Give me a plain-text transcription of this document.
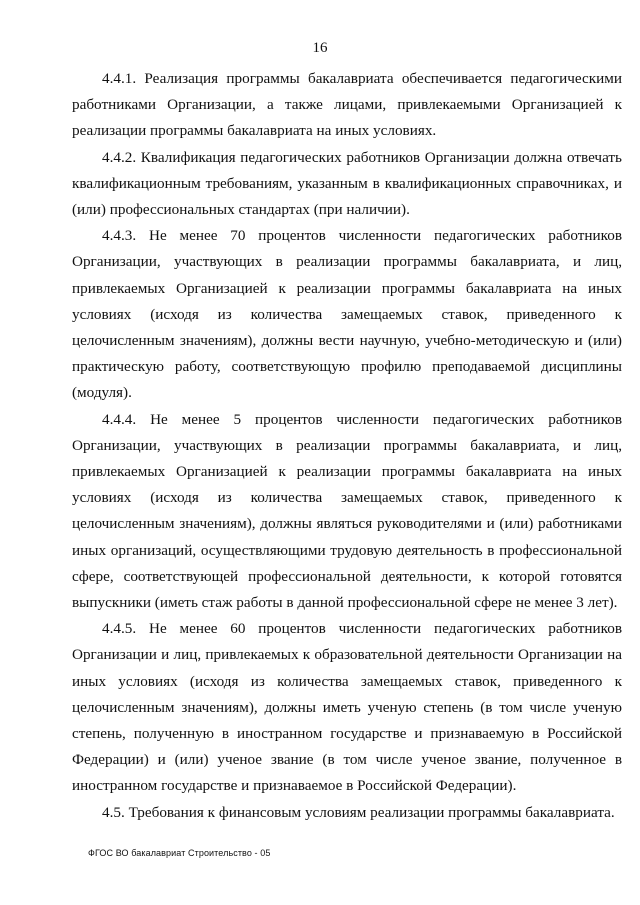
16

4.4.1. Реализация программы бакалавриата обеспечивается педагогическими работниками Организации, а также лицами, привлекаемыми Организацией к реализации программы бакалавриата на иных условиях.

4.4.2. Квалификация педагогических работников Организации должна отвечать квалификационным требованиям, указанным в квалификационных справочниках, и (или) профессиональных стандартах (при наличии).

4.4.3. Не менее 70 процентов численности педагогических работников Организации, участвующих в реализации программы бакалавриата, и лиц, привлекаемых Организацией к реализации программы бакалавриата на иных условиях (исходя из количества замещаемых ставок, приведенного к целочисленным значениям), должны вести научную, учебно-методическую и (или) практическую работу, соответствующую профилю преподаваемой дисциплины (модуля).

4.4.4. Не менее 5 процентов численности педагогических работников Организации, участвующих в реализации программы бакалавриата, и лиц, привлекаемых Организацией к реализации программы бакалавриата на иных условиях (исходя из количества замещаемых ставок, приведенного к целочисленным значениям), должны являться руководителями и (или) работниками иных организаций, осуществляющими трудовую деятельность в профессиональной сфере, соответствующей профессиональной деятельности, к которой готовятся выпускники (иметь стаж работы в данной профессиональной сфере не менее 3 лет).

4.4.5. Не менее 60 процентов численности педагогических работников Организации и лиц, привлекаемых к образовательной деятельности Организации на иных условиях (исходя из количества замещаемых ставок, приведенного к целочисленным значениям), должны иметь ученую степень (в том числе ученую степень, полученную в иностранном государстве и признаваемую в Российской Федерации) и (или) ученое звание (в том числе ученое звание, полученное в иностранном государстве и признаваемое в Российской Федерации).

4.5. Требования к финансовым условиям реализации программы бакалавриата.

ФГОС ВО бакалавриат Строительство - 05
